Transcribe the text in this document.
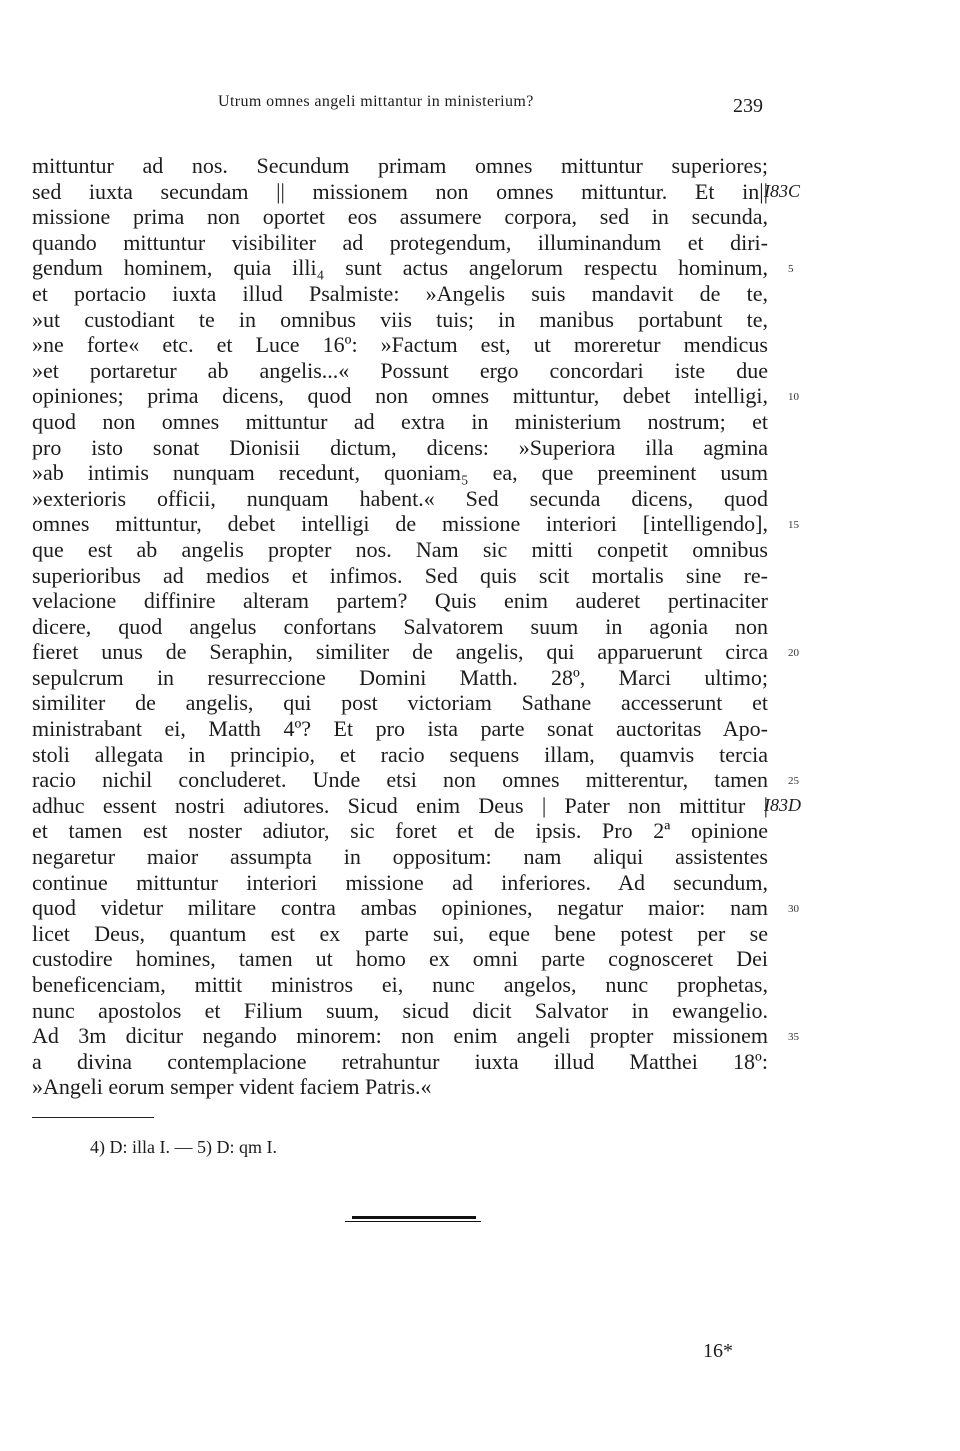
Utrum omnes angeli mittantur in ministerium?	239
mittuntur ad nos. Secundum primam omnes mittuntur superiores;
sed iuxta secundam || missionem non omnes mittuntur. Et in||
missione prima non oportet eos assumere corpora, sed in secunda,
quando mittuntur visibiliter ad protegendum, illuminandum et diri-
gendum hominem, quia illi₄ sunt actus angelorum respectu hominum,
et portacio iuxta illud Psalmiste: »Angelis suis mandavit de te,
»ut custodiant te in omnibus viis tuis; in manibus portabunt te,
»ne forte« etc. et Luce 16º: »Factum est, ut moreretur mendicus
»et portaretur ab angelis...« Possunt ergo concordari iste due
opiniones; prima dicens, quod non omnes mittuntur, debet intelligi,
quod non omnes mittuntur ad extra in ministerium nostrum; et
pro isto sonat Dionisii dictum, dicens: »Superiora illa agmina
»ab intimis nunquam recedunt, quoniam₅ ea, que preeminent usum
»exterioris officii, nunquam habent.« Sed secunda dicens, quod
omnes mittuntur, debet intelligi de missione interiori [intelligendo],
que est ab angelis propter nos. Nam sic mitti conpetit omnibus
superioribus ad medios et infimos. Sed quis scit mortalis sine re-
velacione diffinire alteram partem? Quis enim auderet pertinaciter
dicere, quod angelus confortans Salvatorem suum in agonia non
fieret unus de Seraphin, similiter de angelis, qui apparuerunt circa
sepulcrum in resurreccione Domini Matth. 28º, Marci ultimo;
similiter de angelis, qui post victoriam Sathane accesserunt et
ministrabant ei, Matth 4º? Et pro ista parte sonat auctoritas Apo-
stoli allegata in principio, et racio sequens illam, quamvis tercia
racio nichil concluderet. Unde etsi non omnes mitterentur, tamen
adhuc essent nostri adiutores. Sicud enim Deus | Pater non mittitur |
et tamen est noster adiutor, sic foret et de ipsis. Pro 2ª opinione
negaretur maior assumpta in oppositum: nam aliqui assistentes
continue mittuntur interiori missione ad inferiores. Ad secundum,
quod videtur militare contra ambas opiniones, negatur maior: nam
licet Deus, quantum est ex parte sui, eque bene potest per se
custodire homines, tamen ut homo ex omni parte cognosceret Dei
beneficenciam, mittit ministros ei, nunc angelos, nunc prophetas,
nunc apostolos et Filium suum, sicud dicit Salvator in ewangelio.
Ad 3m dicitur negando minorem: non enim angeli propter missionem
a divina contemplacione retrahuntur iuxta illud Matthei 18º:
»Angeli eorum semper vident faciem Patris.«
I83C
5
10
15
20
25
I83D
30
35
4) D: illa I. — 5) D: qm I.
16*
